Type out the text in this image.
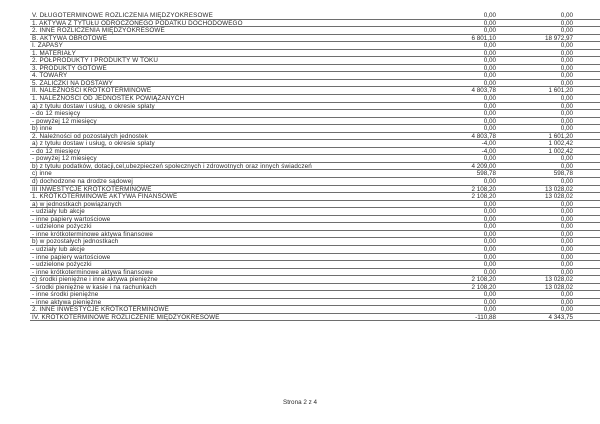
V. DŁUGOTERMINOWE ROZLICZENIA MIĘDZYOKRESOWE	0,00	0,00
1. AKTYWA Z TYTUŁU ODROCZONEGO PODATKU DOCHODOWEGO	0,00	0,00
2. INNE ROZLICZENIA MIĘDZYOKRESOWE	0,00	0,00
B. AKTYWA OBROTOWE	6 801,10	18 972,97
I. ZAPASY	0,00	0,00
1. MATERIAŁY	0,00	0,00
2. PÓŁPRODUKTY I PRODUKTY W TOKU	0,00	0,00
3. PRODUKTY GOTOWE	0,00	0,00
4. TOWARY	0,00	0,00
5. ZALICZKI NA DOSTAWY	0,00	0,00
II. NALEŻNOŚCI KRÓTKOTERMINOWE	4 803,78	1 601,20
1. NALEŻNOŚCI OD JEDNOSTEK POWIĄZANYCH	0,00	0,00
a) z tytułu dostaw i usług, o okresie spłaty	0,00	0,00
- do 12 miesięcy	0,00	0,00
- powyżej 12 miesięcy	0,00	0,00
b) inne	0,00	0,00
2. Należności od pozostałych jednostek	4 803,78	1 601,20
a) z tytułu dostaw i usług, o okresie spłaty	-4,00	1 002,42
- do 12 miesięcy	-4,00	1 002,42
- powyżej 12 miesięcy	0,00	0,00
b) z tytułu podatków, dotacji,cel,ubezpieczeń społecznych i zdrowotnych oraz innych świadczeń	4 209,00	0,00
c) inne	598,78	598,78
d) dochodzone na drodze sądowej	0,00	0,00
III INWESTYCJE KRÓTKOTERMINOWE	2 108,20	13 028,02
1. KRÓTKOTERMINOWE AKTYWA FINANSOWE	2 108,20	13 028,02
a) w jednostkach powiązanych	0,00	0,00
- udziały lub akcje	0,00	0,00
- inne papiery wartościowe	0,00	0,00
- udzielone pożyczki	0,00	0,00
- inne krótkoterminowe aktywa finansowe	0,00	0,00
b) w pozostałych jednostkach	0,00	0,00
- udziały lub akcje	0,00	0,00
- inne papiery wartościowe	0,00	0,00
- udzielone pożyczki	0,00	0,00
- inne krótkoterminowe aktywa finansowe	0,00	0,00
c) środki pieniężne i inne aktywa pieniężne	2 108,20	13 028,02
- środki pieniężne w kasie i na rachunkach	2 108,20	13 028,02
- inne środki pieniężne	0,00	0,00
- inne aktywa pieniężne	0,00	0,00
2. INNE INWESTYCJE KRÓTKOTERMINOWE	0,00	0,00
IV. KRÓTKOTERMINOWE ROZLICZENIE MIĘDZYOKRESOWE	-110,88	4 343,75
Strona 2 z 4
